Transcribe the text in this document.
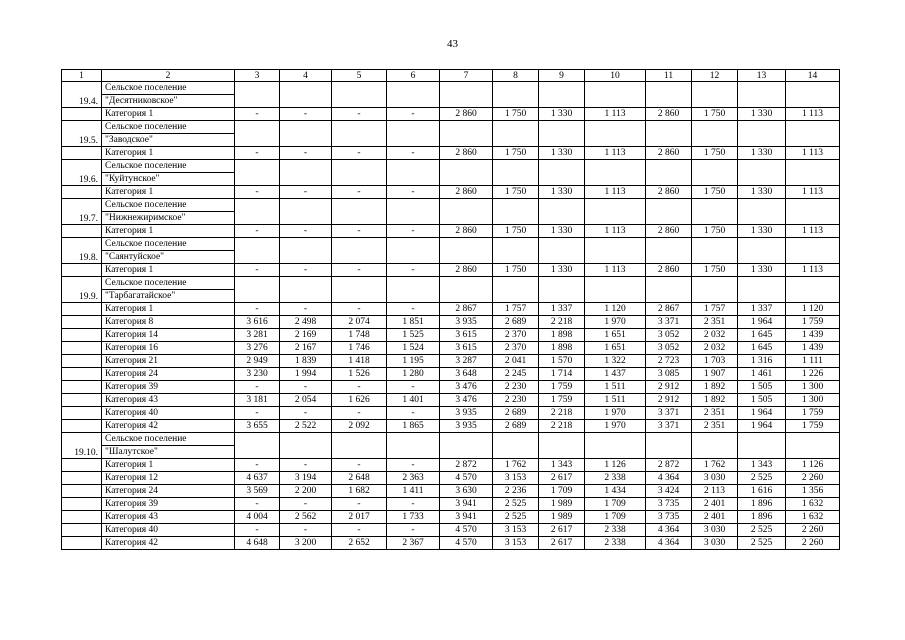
43
1	2	3	4	5	6	7	8	9	10	11	12	13	14
19.4.	Сельское поселение												
	"Десятниковское"												
	Категория 1	-	-	-	-	2 860	1 750	1 330	1 113	2 860	1 750	1 330	1 113
19.5.	Сельское поселение												
	"Заводское"												
	Категория 1	-	-	-	-	2 860	1 750	1 330	1 113	2 860	1 750	1 330	1 113
19.6.	Сельское поселение												
	"Куйтунское"												
	Категория 1	-	-	-	-	2 860	1 750	1 330	1 113	2 860	1 750	1 330	1 113
19.7.	Сельское поселение												
	"Нижнежиримское"												
	Категория 1	-	-	-	-	2 860	1 750	1 330	1 113	2 860	1 750	1 330	1 113
19.8.	Сельское поселение												
	"Саянтуйское"												
	Категория 1	-	-	-	-	2 860	1 750	1 330	1 113	2 860	1 750	1 330	1 113
19.9.	Сельское поселение												
	"Тарбагатайское"												
	Категория 1	-	-	-	-	2 867	1 757	1 337	1 120	2 867	1 757	1 337	1 120
	Категория 8	3 616	2 498	2 074	1 851	3 935	2 689	2 218	1 970	3 371	2 351	1 964	1 759
	Категория 14	3 281	2 169	1 748	1 525	3 615	2 370	1 898	1 651	3 052	2 032	1 645	1 439
	Категория 16	3 276	2 167	1 746	1 524	3 615	2 370	1 898	1 651	3 052	2 032	1 645	1 439
	Категория 21	2 949	1 839	1 418	1 195	3 287	2 041	1 570	1 322	2 723	1 703	1 316	1 111
	Категория 24	3 230	1 994	1 526	1 280	3 648	2 245	1 714	1 437	3 085	1 907	1 461	1 226
	Категория 39	-	-	-	-	3 476	2 230	1 759	1 511	2 912	1 892	1 505	1 300
	Категория 43	3 181	2 054	1 626	1 401	3 476	2 230	1 759	1 511	2 912	1 892	1 505	1 300
	Категория 40	-	-	-	-	3 935	2 689	2 218	1 970	3 371	2 351	1 964	1 759
	Категория 42	3 655	2 522	2 092	1 865	3 935	2 689	2 218	1 970	3 371	2 351	1 964	1 759
19.10.	Сельское поселение												
	"Шалутское"												
	Категория 1	-	-	-	-	2 872	1 762	1 343	1 126	2 872	1 762	1 343	1 126
	Категория 12	4 637	3 194	2 648	2 363	4 570	3 153	2 617	2 338	4 364	3 030	2 525	2 260
	Категория 24	3 569	2 200	1 682	1 411	3 630	2 236	1 709	1 434	3 424	2 113	1 616	1 356
	Категория 39	-	-	-	-	3 941	2 525	1 989	1 709	3 735	2 401	1 896	1 632
	Категория 43	4 004	2 562	2 017	1 733	3 941	2 525	1 989	1 709	3 735	2 401	1 896	1 632
	Категория 40	-	-	-	-	4 570	3 153	2 617	2 338	4 364	3 030	2 525	2 260
	Категория 42	4 648	3 200	2 652	2 367	4 570	3 153	2 617	2 338	4 364	3 030	2 525	2 260
